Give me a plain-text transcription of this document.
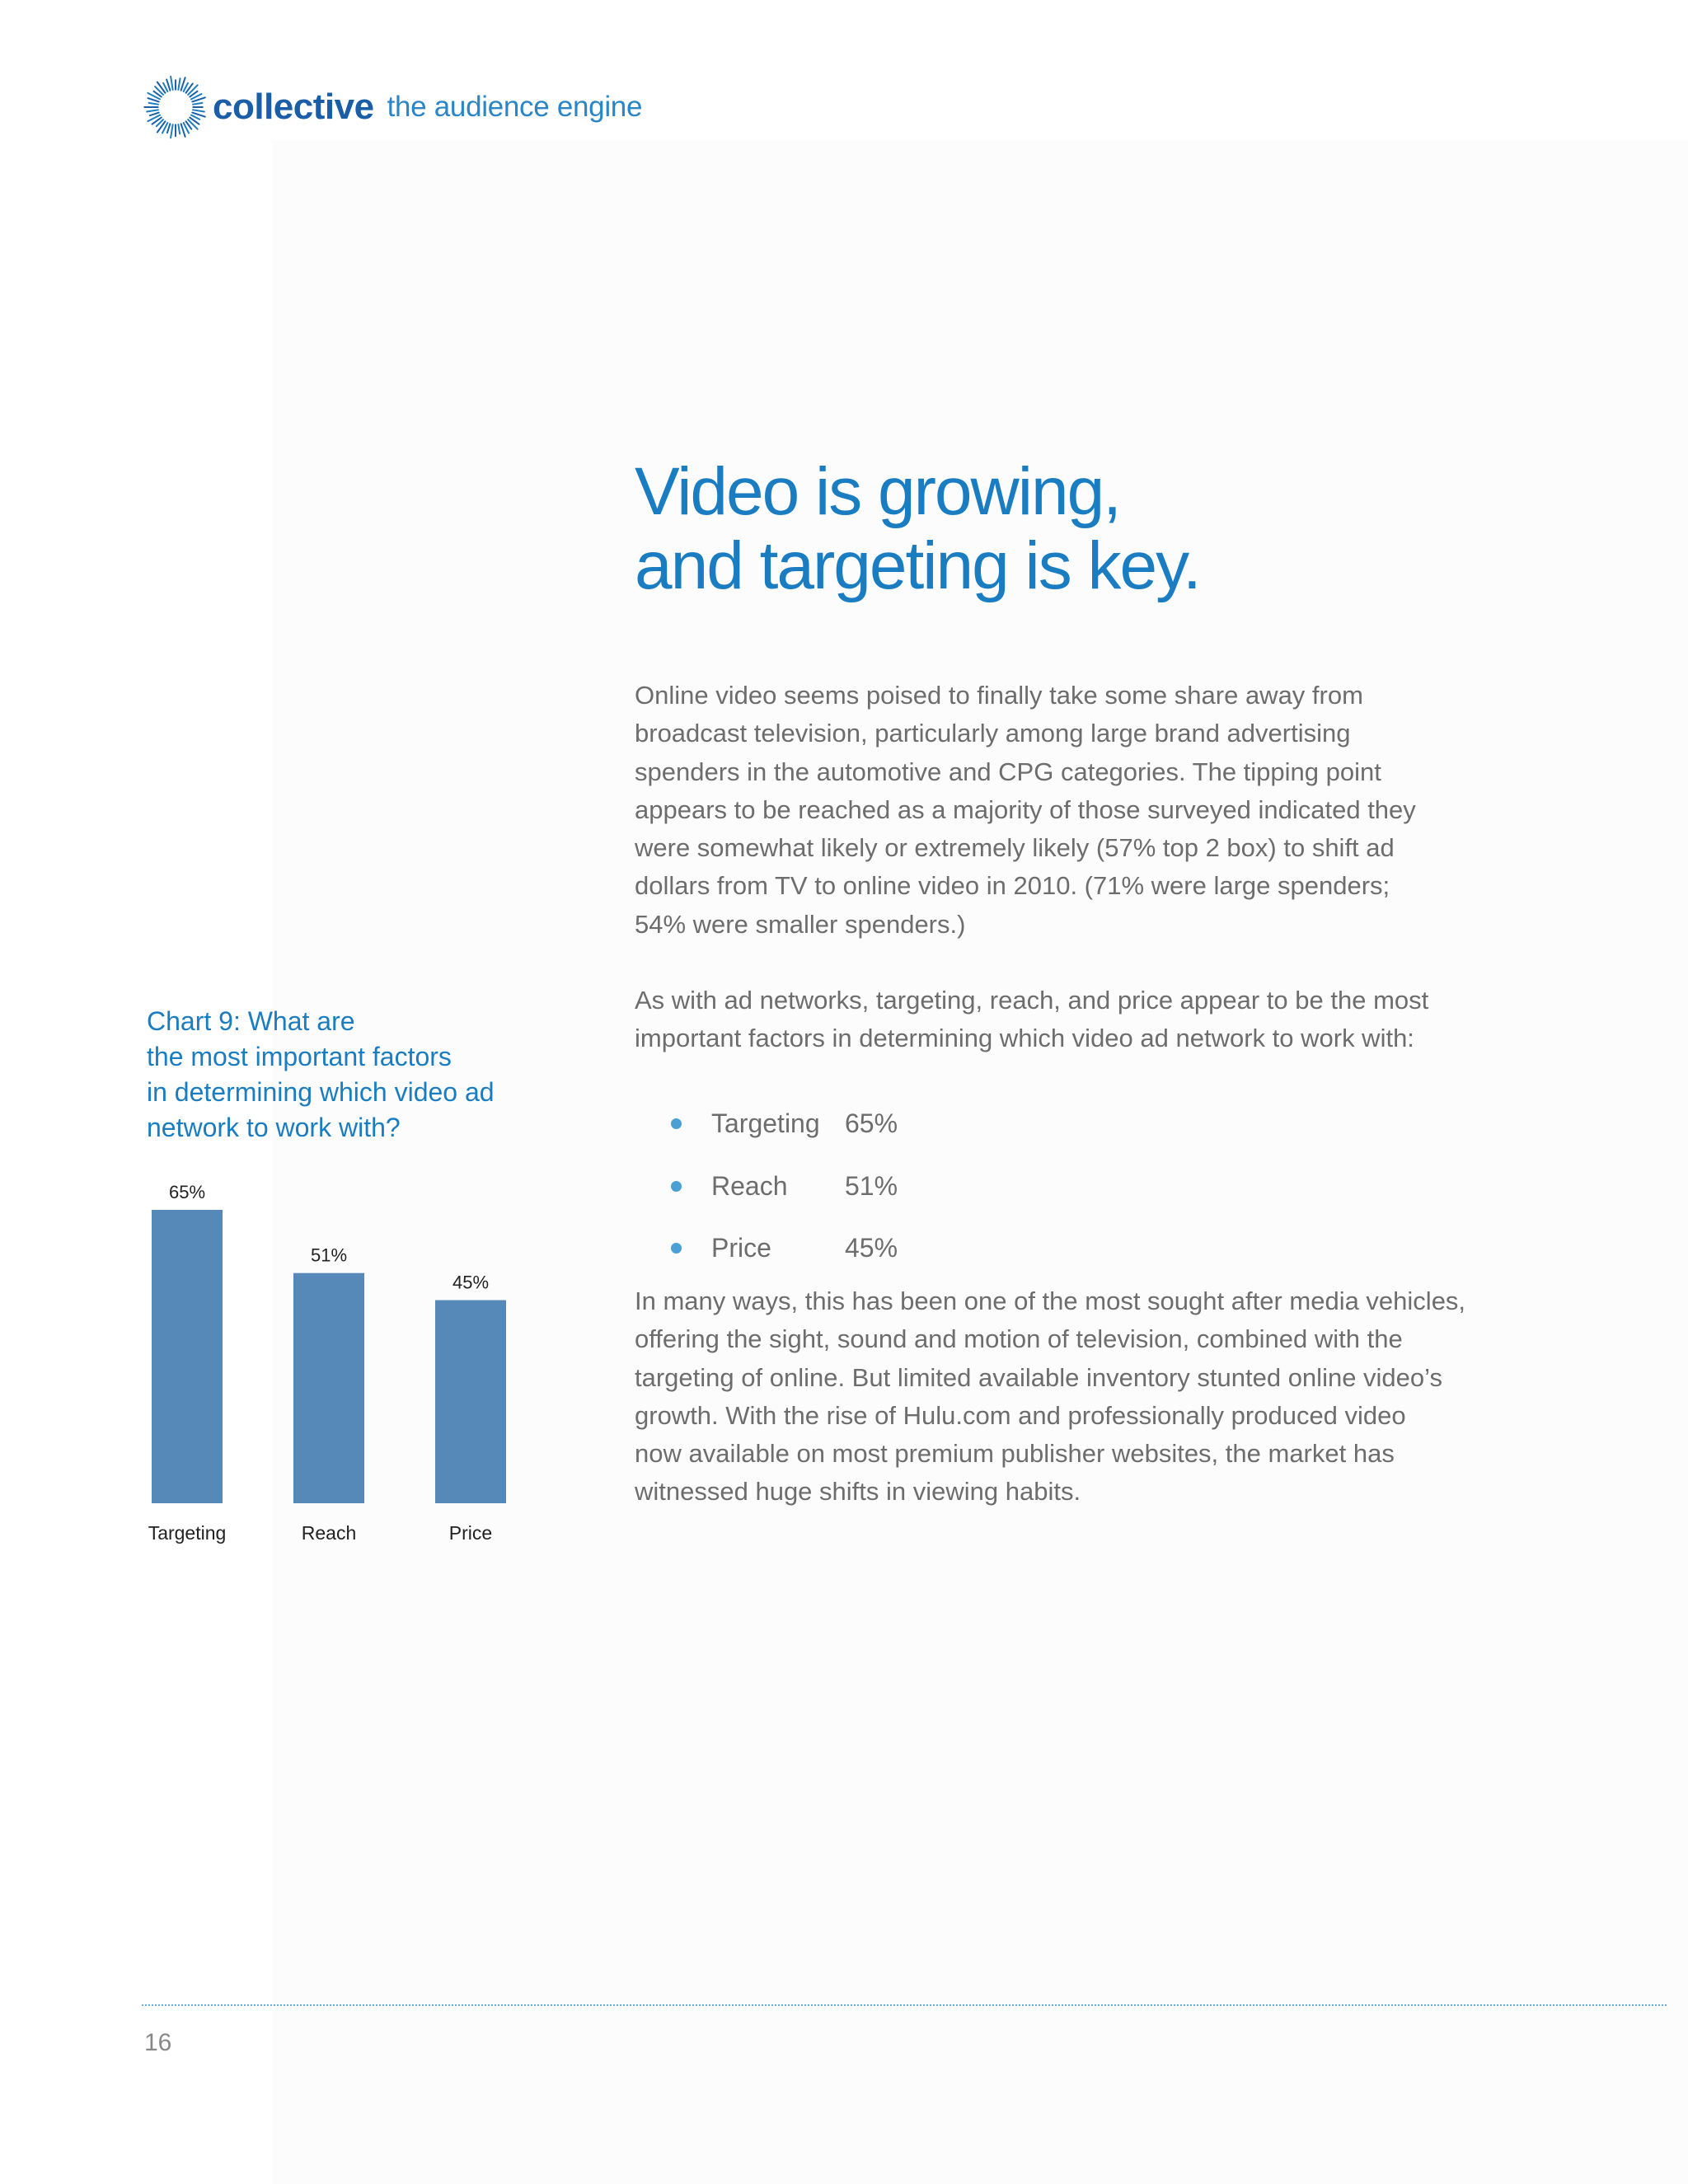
collective the audience engine
Video is growing,
and targeting is key.
Online video seems poised to finally take some share away from
broadcast television, particularly among large brand advertising
spenders in the automotive and CPG categories. The tipping point
appears to be reached as a majority of those surveyed indicated they
were somewhat likely or extremely likely (57% top 2 box) to shift ad
dollars from TV to online video in 2010. (71% were large spenders;
54% were smaller spenders.)
As with ad networks, targeting, reach, and price appear to be the most
important factors in determining which video ad network to work with:
Targeting 65%
Reach 51%
Price	45%
In many ways, this has been one of the most sought after media vehicles,
offering the sight, sound and motion of television, combined with the
targeting of online. But limited available inventory stunted online video’s
growth. With the rise of Hulu.com and professionally produced video
now available on most premium publisher websites, the market has
witnessed huge shifts in viewing habits.
Chart 9: What are
the most important factors
in determining which video ad
network to work with?
65%
Targeting
51%
Reach
45%
Price
16
